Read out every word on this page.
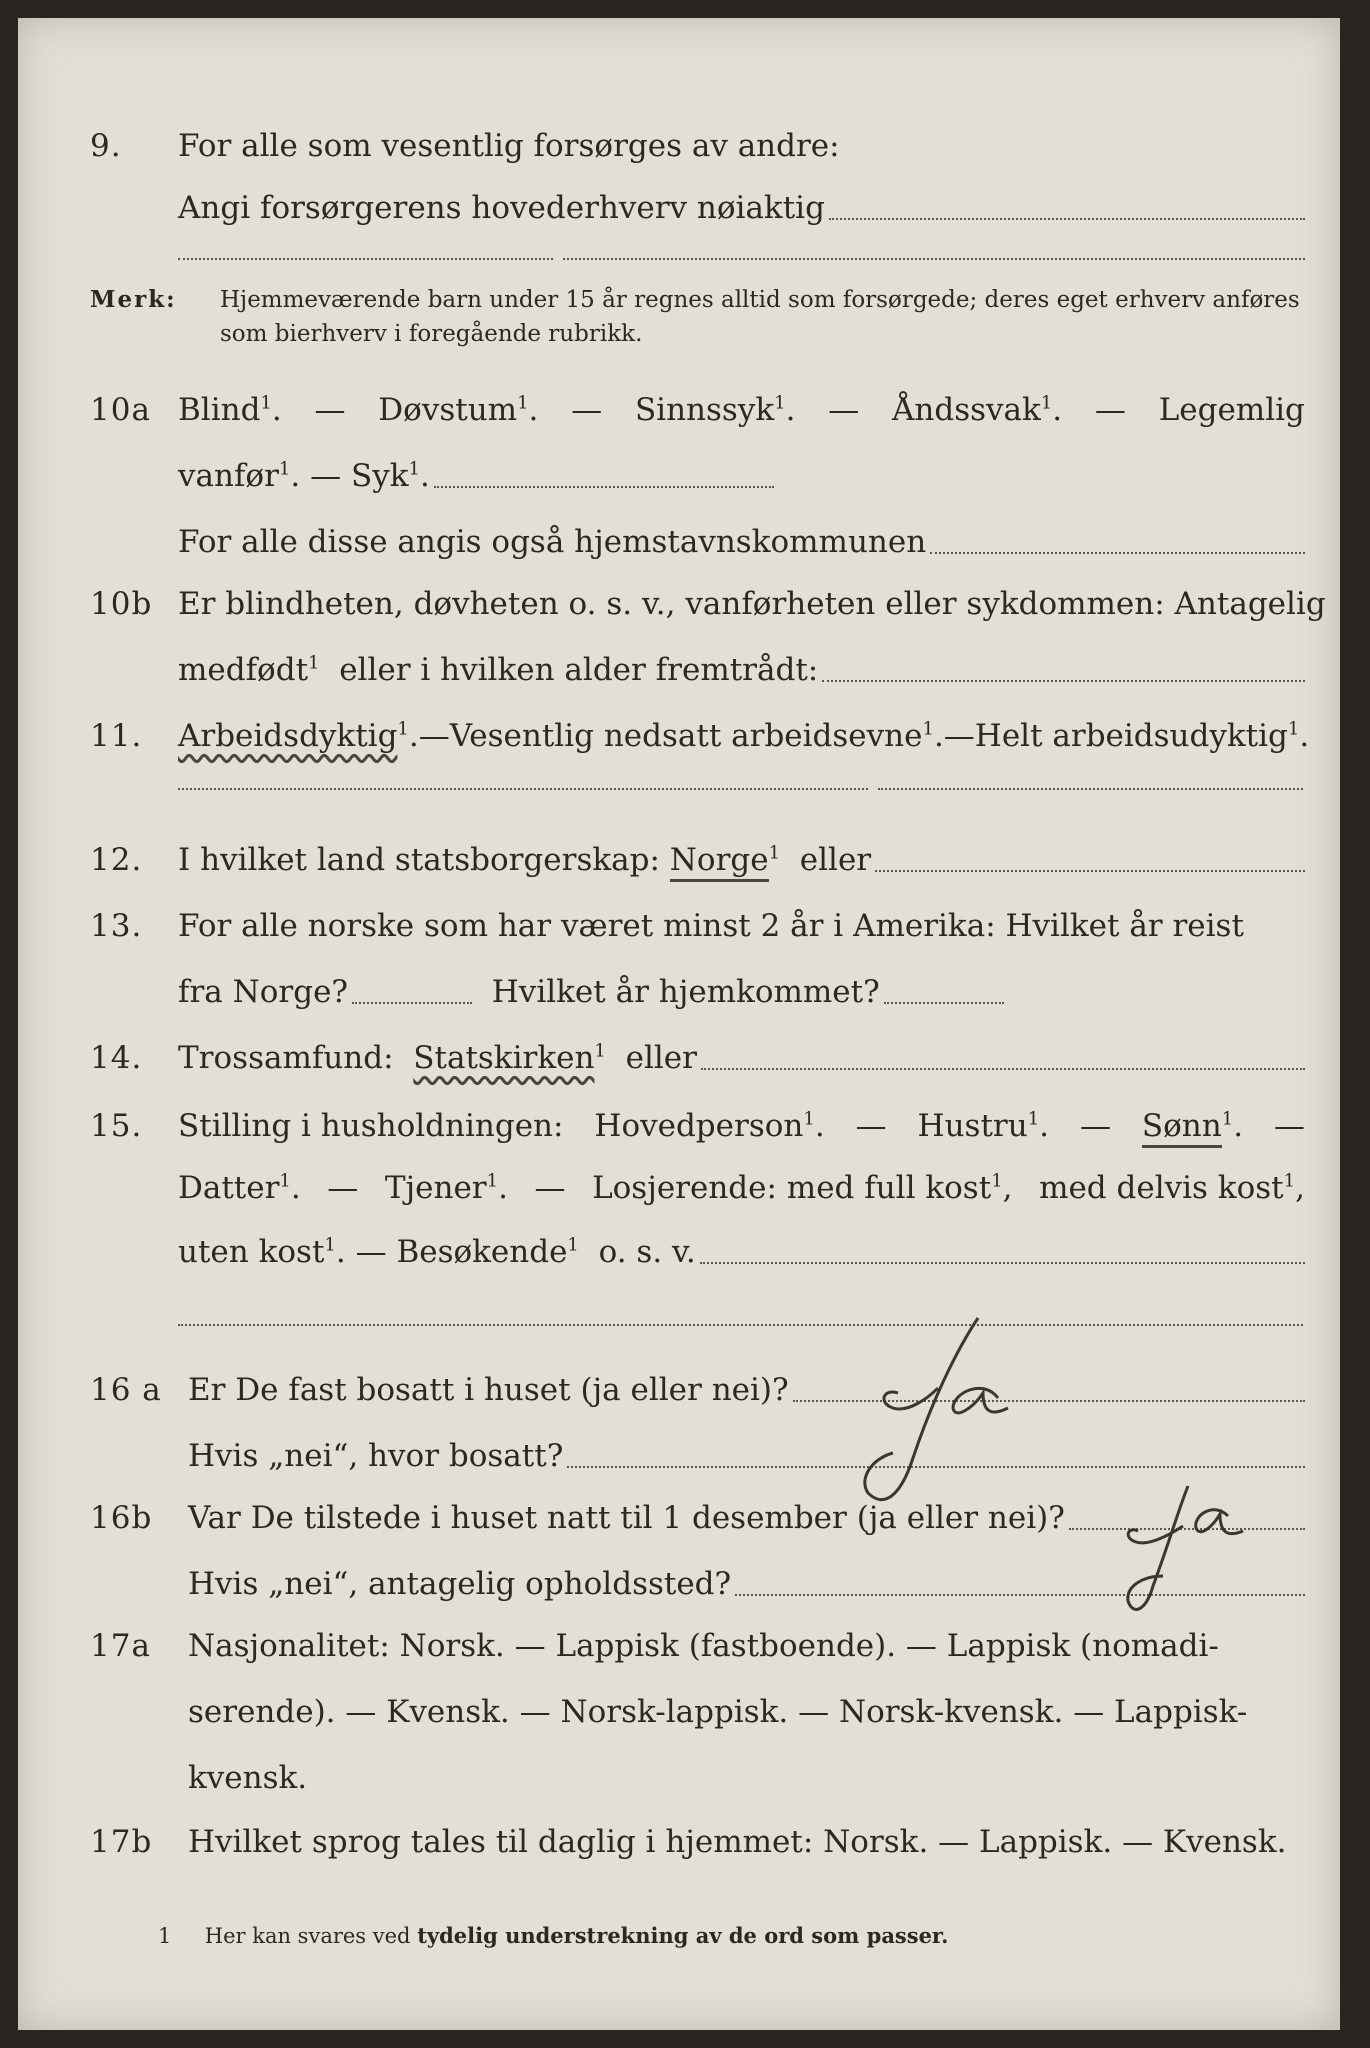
9.	For alle som vesentlig forsørges av andre:
Angi forsørgerens hovederhverv nøiaktig
Merk: Hjemmeværende barn under 15 år regnes alltid som forsørgede; deres eget erhverv anføres som bierhverv i foregående rubrikk.
10a Blind$^1$. — Døvstum$^1$. — Sinnssyk$^1$. — Åndssvak$^1$. — Legemlig
vanfør$^1$. — Syk$^1$.
For alle disse angis også hjemstavnskommunen
10b Er blindheten, døvheten o. s. v., vanførheten eller sykdommen: Antagelig
medfødt$^1$
eller i hvilken alder fremtrådt:
11.	Arbeidsdyktig$^1$. — Vesentlig nedsatt arbeidsevne$^1$. — Helt arbeidsudyktig$^1$.
12.	I hvilket land statsborgerskap:
Norge$^1$
eller
13.	For alle norske som har været minst 2 år i Amerika: Hvilket år reist
fra Norge?
	Hvilket år hjemkommet?
14.	Trossamfund:
Statskirken$^1$
eller
15.	Stilling i husholdningen: Hovedperson$^1$. — Hustru$^1$. — Sønn$^1$. —
Datter$^1$. — Tjener$^1$. — Losjerende: med full kost$^1$, med delvis kost$^1$,
uten kost$^1$. — Besøkende$^1$
o. s. v.
16 a Er De fast bosatt i huset (ja eller nei)?
Hvis „nei“, hvor bosatt?
16b	Var De tilstede i huset natt til 1 desember (ja eller nei)?
Hvis „nei“, antagelig opholdssted?
17a	Nasjonalitet: Norsk. — Lappisk (fastboende). — Lappisk (nomadi-
serende). — Kvensk. — Norsk-lappisk. — Norsk-kvensk. — Lappisk-
kvensk.
17b	Hvilket sprog tales til daglig i hjemmet: Norsk. — Lappisk. — Kvensk.
1 Her kan svares ved tydelig understrekning av de ord som passer.
